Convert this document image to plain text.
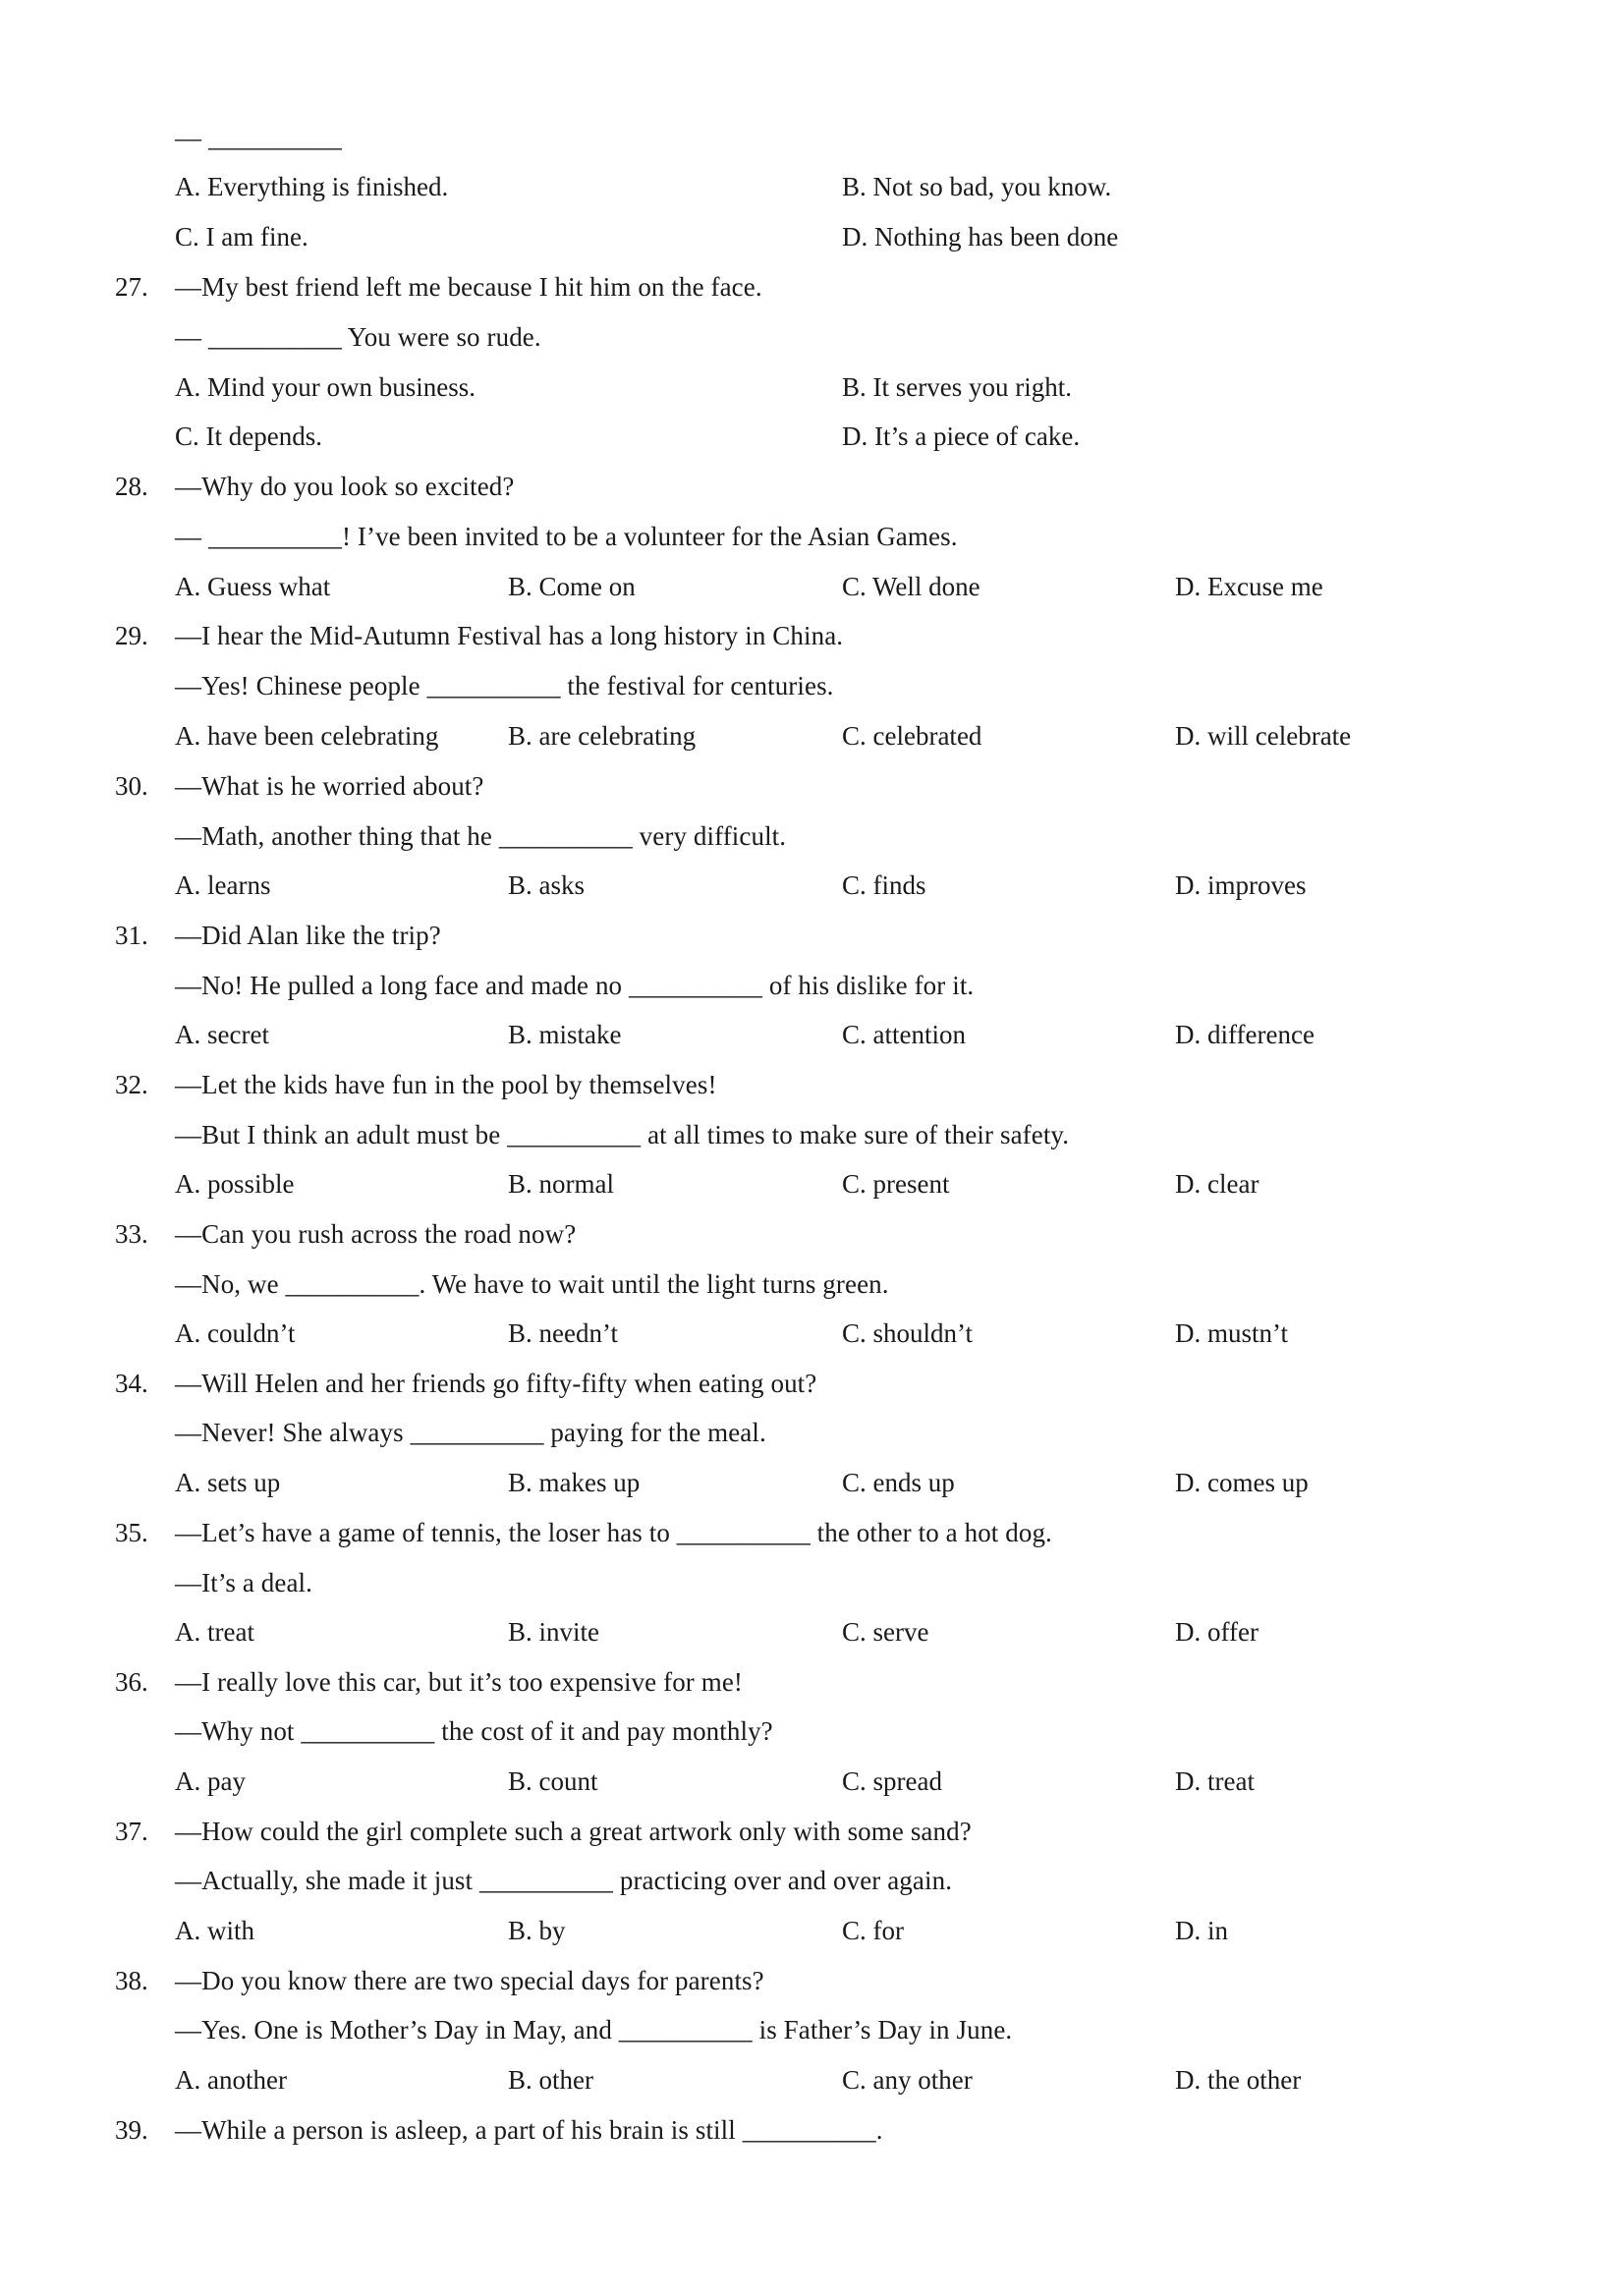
— __________
A. Everything is finished.	B. Not so bad, you know.
C. I am fine.	D. Nothing has been done
27. —My best friend left me because I hit him on the face.
— __________ You were so rude.
A. Mind your own business.	B. It serves you right.
C. It depends.	D. It’s a piece of cake.
28. —Why do you look so excited?
— __________! I’ve been invited to be a volunteer for the Asian Games.
A. Guess what	B. Come on	C. Well done	D. Excuse me
29. —I hear the Mid-Autumn Festival has a long history in China.
—Yes! Chinese people __________ the festival for centuries.
A. have been celebrating	B. are celebrating	C. celebrated	D. will celebrate
30. —What is he worried about?
—Math, another thing that he __________ very difficult.
A. learns	B. asks	C. finds	D. improves
31. —Did Alan like the trip?
—No! He pulled a long face and made no __________ of his dislike for it.
A. secret	B. mistake	C. attention	D. difference
32. —Let the kids have fun in the pool by themselves!
—But I think an adult must be __________ at all times to make sure of their safety.
A. possible	B. normal	C. present	D. clear
33. —Can you rush across the road now?
—No, we __________. We have to wait until the light turns green.
A. couldn’t	B. needn’t	C. shouldn’t	D. mustn’t
34. —Will Helen and her friends go fifty-fifty when eating out?
—Never! She always __________ paying for the meal.
A. sets up	B. makes up	C. ends up	D. comes up
35. —Let’s have a game of tennis, the loser has to __________ the other to a hot dog.
—It’s a deal.
A. treat	B. invite	C. serve	D. offer
36. —I really love this car, but it’s too expensive for me!
—Why not __________ the cost of it and pay monthly?
A. pay	B. count	C. spread	D. treat
37. —How could the girl complete such a great artwork only with some sand?
—Actually, she made it just __________ practicing over and over again.
A. with	B. by	C. for	D. in
38. —Do you know there are two special days for parents?
—Yes. One is Mother’s Day in May, and __________ is Father’s Day in June.
A. another	B. other	C. any other	D. the other
39. —While a person is asleep, a part of his brain is still __________.
